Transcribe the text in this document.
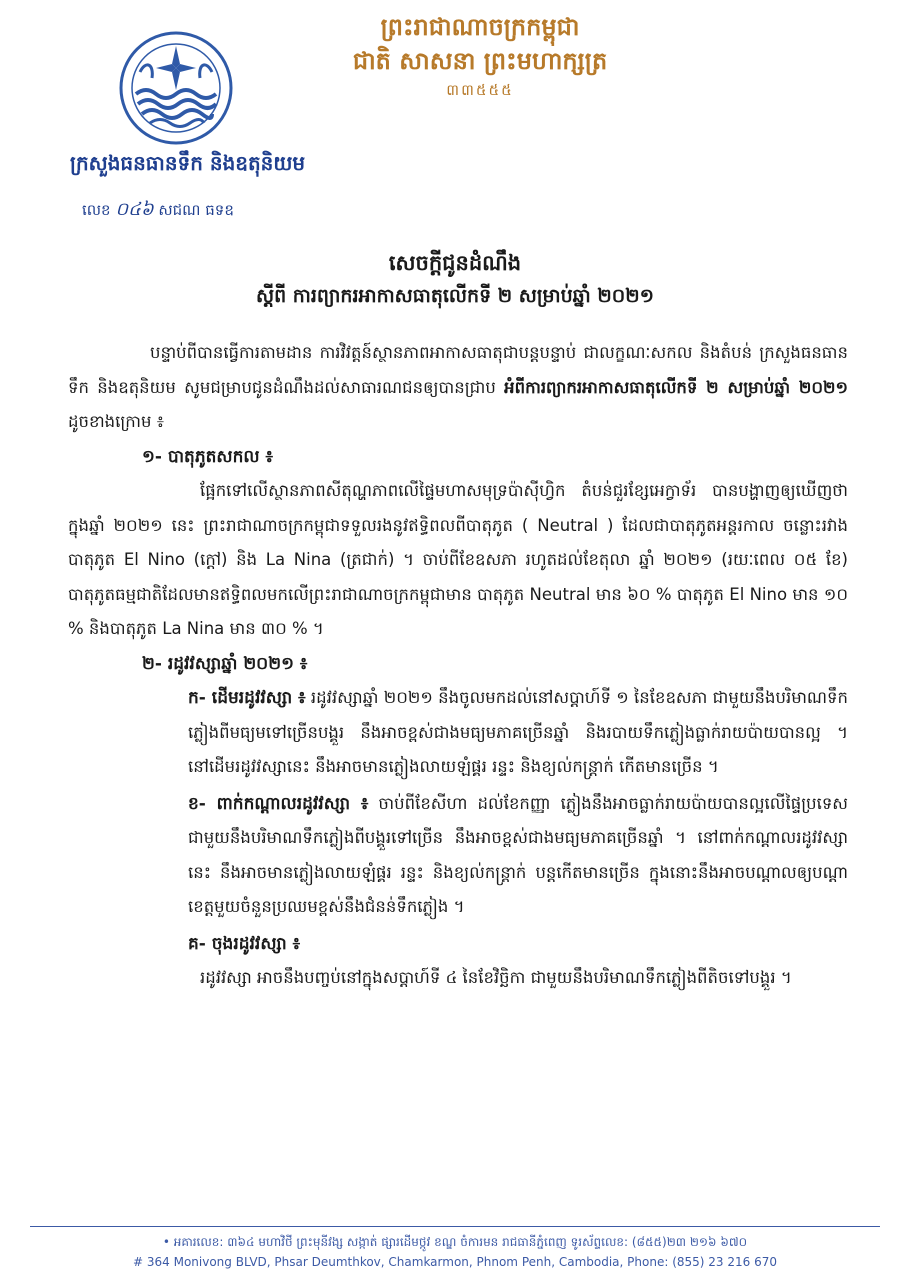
ព្រះរាជាណាចក្រកម្ពុជា
ជាតិ សាសនា ព្រះមហាក្សត្រ
៣៣៥៥៥
ក្រសួងធនធានទឹក និងឧតុនិយម
លេខ ០៤៦ សជណ ធទឧ
សេចក្ដីជូនដំណឹង
ស្ដីពី ការព្យាករអាកាសធាតុលើកទី ២ សម្រាប់ឆ្នាំ ២០២១
បន្ទាប់ពីបានធ្វើការតាមដាន ការវិវត្តន៍ស្ថានភាពអាកាសធាតុជាបន្តបន្ទាប់ ជាលក្ខណៈសកល និងតំបន់ ក្រសួងធនធានទឹក និងឧតុនិយម សូមជម្រាបជូនដំណឹងដល់សាធារណជនឲ្យបានជ្រាប អំពីការព្យាករអាកាសធាតុលើកទី ២ សម្រាប់ឆ្នាំ ២០២១ ដូចខាងក្រោម ៖
១- បាតុភូតសកល ៖
ផ្អែកទៅលើស្ថានភាពសីតុណ្ហភាពលើផ្ទៃមហាសមុទ្រប៉ាស៊ីហ្វិក តំបន់ជួរខ្សែអេក្វាទ័រ បានបង្ហាញឲ្យឃើញថា ក្នុងឆ្នាំ ២០២១ នេះ ព្រះរាជាណាចក្រកម្ពុជាទទួលរងនូវឥទ្ធិពលពីបាតុភូត ( Neutral ) ដែលជាបាតុភូតអន្តរកាល ចន្លោះរវាងបាតុភូត El Nino (ក្ដៅ) និង La Nina (ត្រជាក់) ។ ចាប់ពីខែឧសភា រហូតដល់ខែតុលា ឆ្នាំ ២០២១ (រយៈពេល ០៥ ខែ) បាតុភូតធម្មជាតិដែលមានឥទ្ធិពលមកលើព្រះរាជាណាចក្រកម្ពុជាមាន បាតុភូត Neutral មាន ៦០ % បាតុភូត El Nino មាន ១០ % និងបាតុភូត La Nina មាន ៣០ % ។
២- រដូវវស្សាឆ្នាំ ២០២១ ៖
ក- ដើមរដូវវស្សា ៖ រដូវវស្សាឆ្នាំ ២០២១ នឹងចូលមកដល់នៅសប្ដាហ៍ទី ១ នៃខែឧសភា ជាមួយនឹងបរិមាណទឹកភ្លៀងពីមធ្យមទៅច្រើនបង្គួរ នឹងអាចខ្ពស់ជាងមធ្យមភាគច្រើនឆ្នាំ និងរបាយទឹកភ្លៀងធ្លាក់រាយប៉ាយបានល្អ ។ នៅដើមរដូវវស្សានេះ នឹងអាចមានភ្លៀងលាយឡំផ្គរ រន្ទះ និងខ្យល់កន្ត្រាក់ កើតមានច្រើន ។
ខ- ពាក់កណ្ដាលរដូវវស្សា ៖ ចាប់ពីខែសីហា ដល់ខែកញ្ញា ភ្លៀងនឹងអាចធ្លាក់រាយប៉ាយបានល្អលើផ្ទៃប្រទេស ជាមួយនឹងបរិមាណទឹកភ្លៀងពីបង្គួរទៅច្រើន នឹងអាចខ្ពស់ជាងមធ្យមភាគច្រើនឆ្នាំ ។ នៅពាក់កណ្ដាលរដូវវស្សានេះ នឹងអាចមានភ្លៀងលាយឡំផ្គរ រន្ទះ និងខ្យល់កន្ត្រាក់ បន្តកើតមានច្រើន ក្នុងនោះនឹងអាចបណ្ដាលឲ្យបណ្ដាខេត្តមួយចំនួនប្រឈមខ្ពស់នឹងជំនន់ទឹកភ្លៀង ។
គ- ចុងរដូវវស្សា ៖
រដូវវស្សា អាចនឹងបញ្ចប់នៅក្នុងសប្ដាហ៍ទី ៤ នៃខែវិច្ឆិកា ជាមួយនឹងបរិមាណទឹកភ្លៀងពីតិចទៅបង្គួរ ។
• អគារលេខ: ៣៦៤ មហាវិថី ព្រះមុនីវង្ស សង្កាត់ ផ្សារដើមថ្កូវ ខណ្ឌ ចំការមន រាជធានីភ្នំពេញ ទូរស័ព្ទលេខ: (៨៥៥)២៣ ២១៦ ៦៧០
# 364 Monivong BLVD, Phsar Deumthkov, Chamkarmon, Phnom Penh, Cambodia, Phone: (855) 23 216 670
